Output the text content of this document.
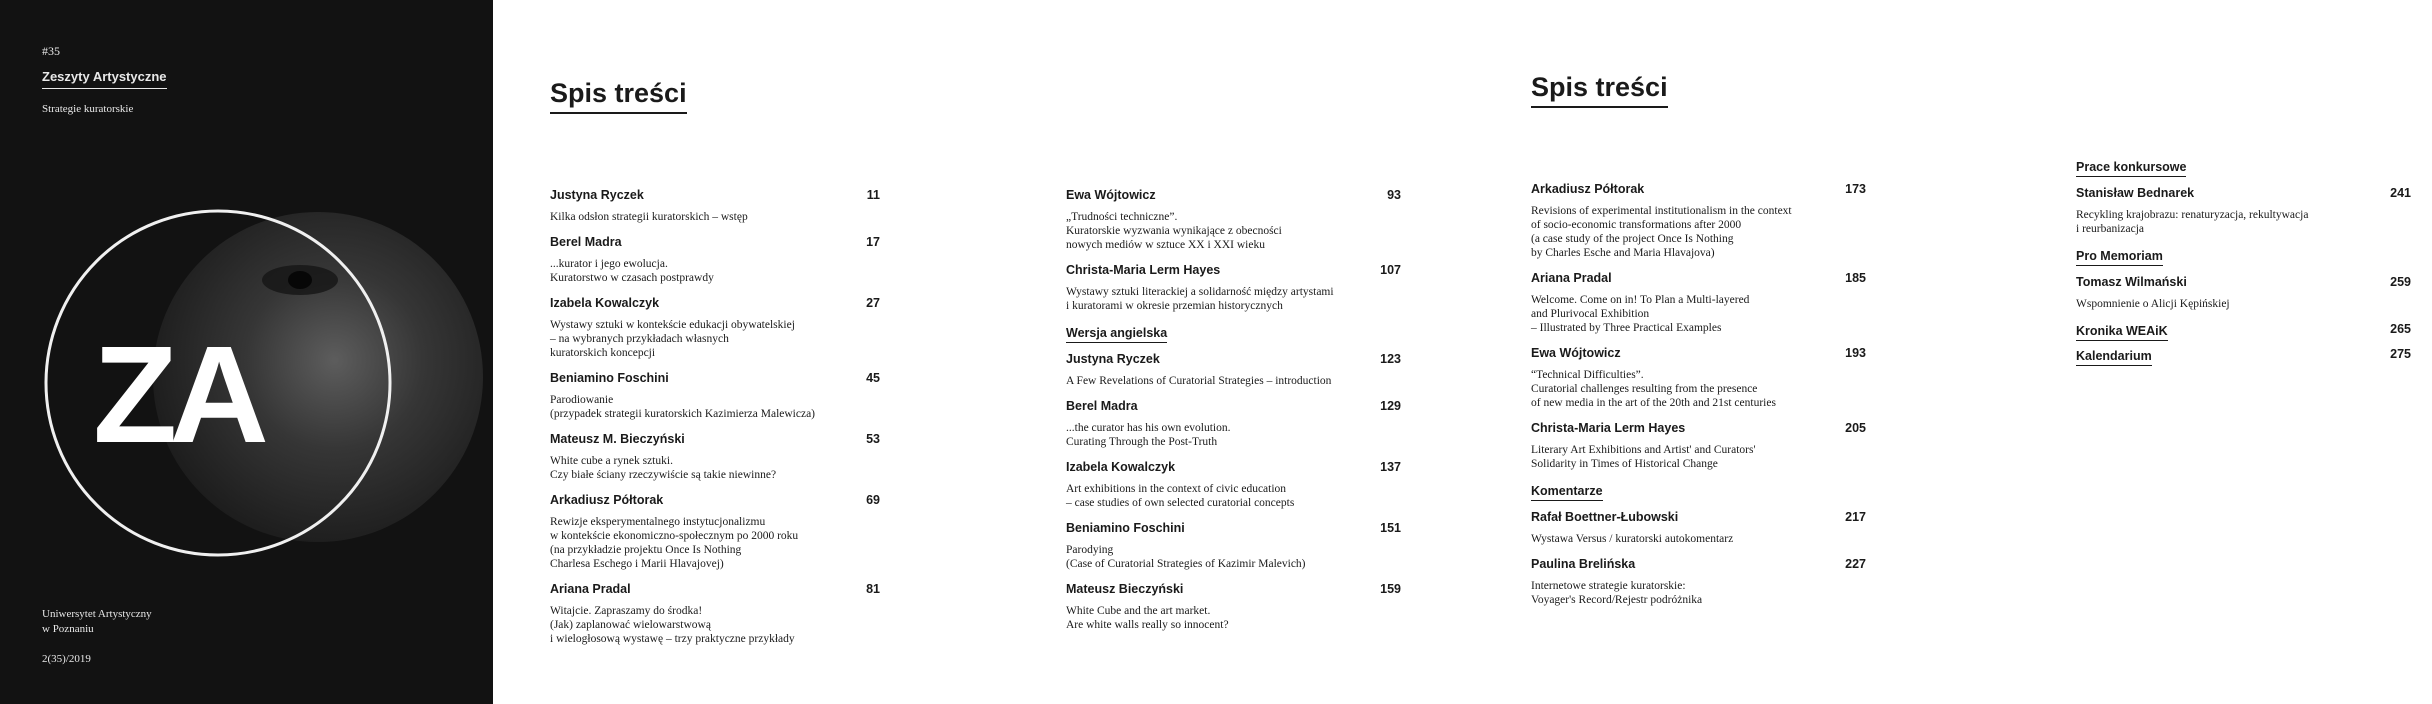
#35
Zeszyty Artystyczne
Strategie kuratorskie
ZA
Uniwersytet Artystyczny
w Poznaniu
2(35)/2019
Spis treści	Spis treści
Justyna Ryczek	11
Kilka odsłon strategii kuratorskich – wstęp
Berel Madra	17
...kurator i jego ewolucja.
Kuratorstwo w czasach postprawdy
Izabela Kowalczyk	27
Wystawy sztuki w kontekście edukacji obywatelskiej
– na wybranych przykładach własnych
kuratorskich koncepcji
Beniamino Foschini	45
Parodiowanie
(przypadek strategii kuratorskich Kazimierza Malewicza)
Mateusz M. Bieczyński	53
White cube a rynek sztuki.
Czy białe ściany rzeczywiście są takie niewinne?
Arkadiusz Półtorak	69
Rewizje eksperymentalnego instytucjonalizmu
w kontekście ekonomiczno-społecznym po 2000 roku
(na przykładzie projektu Once Is Nothing
Charlesa Eschego i Marii Hlavajovej)
Ariana Pradal	81
Witajcie. Zapraszamy do środka!
(Jak) zaplanować wielowarstwową
i wielogłosową wystawę – trzy praktyczne przykłady
Ewa Wójtowicz	93
„Trudności techniczne”.
Kuratorskie wyzwania wynikające z obecności
nowych mediów w sztuce XX i XXI wieku
Christa-Maria Lerm Hayes	107
Wystawy sztuki literackiej a solidarność między artystami
i kuratorami w okresie przemian historycznych
Wersja angielska
Justyna Ryczek	123
A Few Revelations of Curatorial Strategies – introduction
Berel Madra	129
...the curator has his own evolution.
Curating Through the Post-Truth
Izabela Kowalczyk	137
Art exhibitions in the context of civic education
– case studies of own selected curatorial concepts
Beniamino Foschini	151
Parodying
(Case of Curatorial Strategies of Kazimir Malevich)
Mateusz Bieczyński	159
White Cube and the art market.
Are white walls really so innocent?
Arkadiusz Półtorak	173
Revisions of experimental institutionalism in the context
of socio-economic transformations after 2000
(a case study of the project Once Is Nothing
by Charles Esche and Maria Hlavajova)
Ariana Pradal	185
Welcome. Come on in! To Plan a Multi-layered
and Plurivocal Exhibition
– Illustrated by Three Practical Examples
Ewa Wójtowicz	193
“Technical Difficulties”.
Curatorial challenges resulting from the presence
of new media in the art of the 20th and 21st centuries
Christa-Maria Lerm Hayes	205
Literary Art Exhibitions and Artist' and Curators'
Solidarity in Times of Historical Change
Komentarze
Rafał Boettner-Łubowski	217
Wystawa Versus / kuratorski autokomentarz
Paulina Brelińska	227
Internetowe strategie kuratorskie:
Voyager's Record/Rejestr podróżnika
Prace konkursowe
Stanisław Bednarek	241
Recykling krajobrazu: renaturyzacja, rekultywacja
i reurbanizacja
Pro Memoriam
Tomasz Wilmański	259
Wspomnienie o Alicji Kępińskiej
Kronika WEAiK	265
Kalendarium	275
